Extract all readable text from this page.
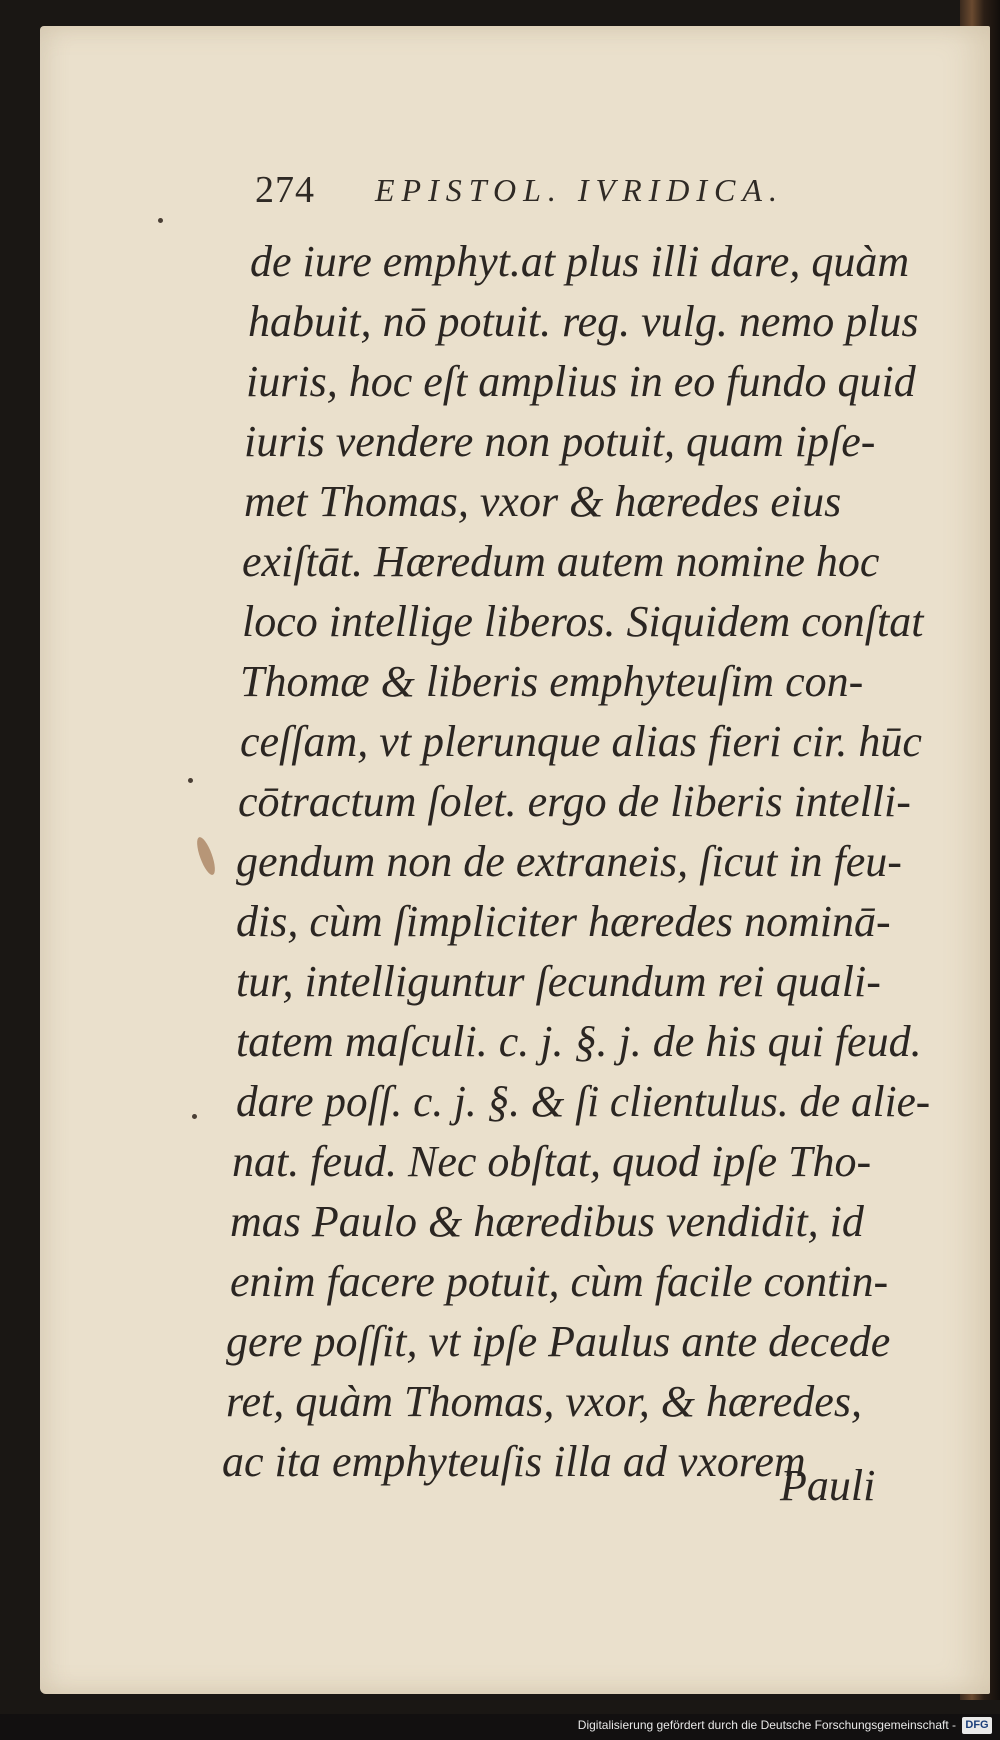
274 EPISTOL. IVRIDICA.
de iure emphyt.at plus illi dare, quàm
habuit, nō potuit. reg. vulg. nemo plus
iuris, hoc eſt amplius in eo fundo quid
iuris vendere non potuit, quam ipſe-
met Thomas, vxor & hæredes eius
exiſtāt. Hæredum autem nomine hoc
loco intellige liberos. Siquidem conſtat
Thomæ & liberis emphyteuſim con-
ceſſam, vt plerunque alias fieri cir. hūc
cōtractum ſolet. ergo de liberis intelli-
gendum non de extraneis, ſicut in feu-
dis, cùm ſimpliciter hæredes nominā-
tur, intelliguntur ſecundum rei quali-
tatem maſculi. c. j. §. j. de his qui feud.
dare poſſ. c. j. §. & ſi clientulus. de alie-
nat. feud. Nec obſtat, quod ipſe Tho-
mas Paulo & hæredibus vendidit, id
enim facere potuit, cùm facile contin-
gere poſſit, vt ipſe Paulus ante decede
ret, quàm Thomas, vxor, & hæredes,
ac ita emphyteuſis illa ad vxorem
Pauli
Digitalisierung gefördert durch die Deutsche Forschungsgemeinschaft - DFG
